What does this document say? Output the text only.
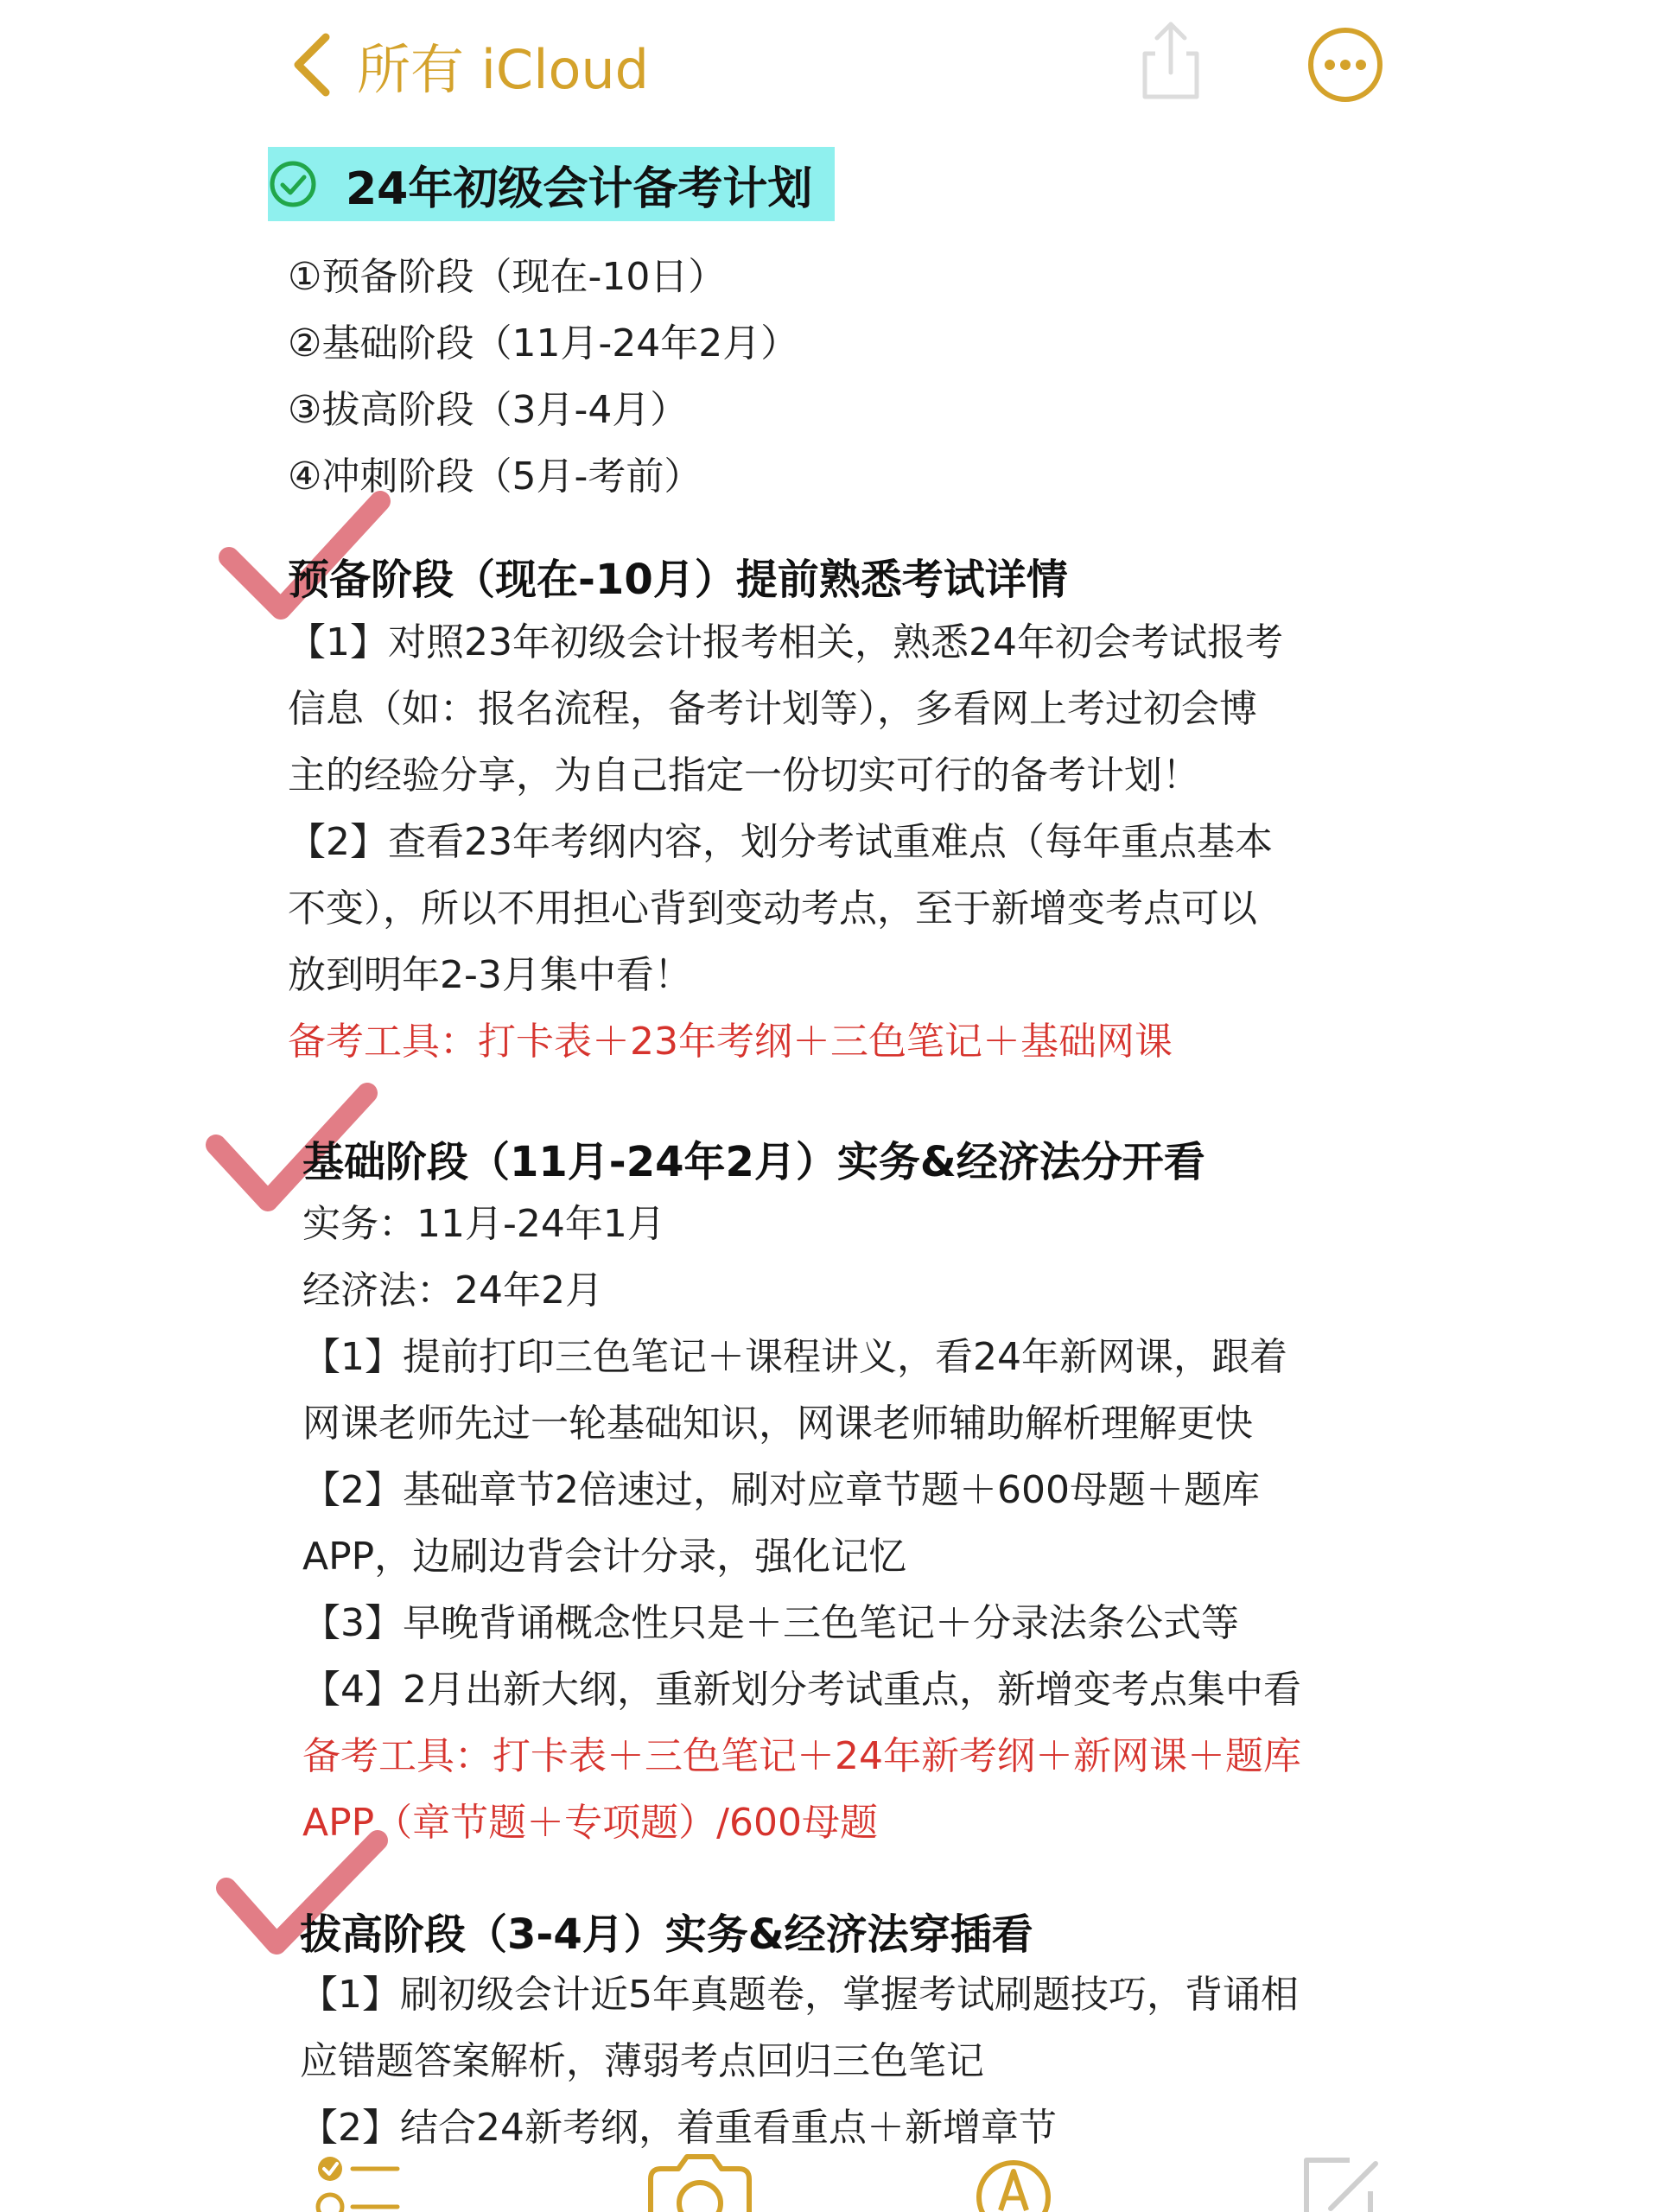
所有 iCloud
24年初级会计备考计划
①预备阶段（现在-10日）
②基础阶段（11月-24年2月）
③拔高阶段（3月-4月）
④冲刺阶段（5月-考前）
预备阶段（现在-10月）提前熟悉考试详情
【1】对照23年初级会计报考相关，熟悉24年初会考试报考
信息（如：报名流程，备考计划等），多看网上考过初会博
主的经验分享，为自己指定一份切实可行的备考计划！
【2】查看23年考纲内容，划分考试重难点（每年重点基本
不变），所以不用担心背到变动考点，至于新增变考点可以
放到明年2-3月集中看！
备考工具：打卡表＋23年考纲＋三色笔记＋基础网课
基础阶段（11月-24年2月）实务&经济法分开看
实务：11月-24年1月
经济法：24年2月
【1】提前打印三色笔记＋课程讲义，看24年新网课，跟着
网课老师先过一轮基础知识，网课老师辅助解析理解更快
【2】基础章节2倍速过，刷对应章节题＋600母题＋题库
APP，边刷边背会计分录，强化记忆
【3】早晚背诵概念性只是＋三色笔记＋分录法条公式等
【4】2月出新大纲，重新划分考试重点，新增变考点集中看
备考工具：打卡表＋三色笔记＋24年新考纲＋新网课＋题库
APP（章节题＋专项题）/600母题
拔高阶段（3-4月）实务&经济法穿插看
【1】刷初级会计近5年真题卷，掌握考试刷题技巧，背诵相
应错题答案解析，薄弱考点回归三色笔记
【2】结合24新考纲，着重看重点＋新增章节
